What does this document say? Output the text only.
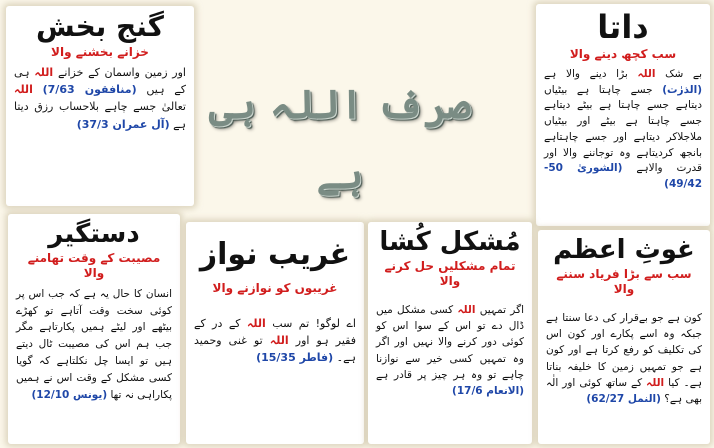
صرف اللہ ہی ہے
گنج بخش
خزانے بخشنے والا
اور زمین واسمان کے خزانے اللہ ہی کے ہیں (منافقون 7/63) اللہ تعالیٰ جسے چاہے بلاحساب رزق دیتا ہے (آل عمران 37/3)
داتا
سب کچھ دینے والا
بے شک اللہ بڑا دینے والا ہے (الذرٰت) جسے چاہتا ہے بیٹیاں دیتاہے جسے چاہتا ہے بیٹے دیتاہے جسے چاہتا ہے بیٹے اور بیٹیاں ملاجلاکر دیتاہے اور جسے چاہتاہے بانجھ کردیتاہے وہ توجاننے والا اور قدرت والاہے (الشوریٰ 50-49/42)
دستگیر
مصیبت کے وقت تھامنے والا
انسان کا حال یہ ہے کہ جب اس پر کوئی سخت وقت آتاہے تو کھڑے بیٹھے اور لیٹے ہمیں پکارتاہے مگر جب ہم اس کی مصیبت ٹال دیتے ہیں تو ایسا چل نکلتاہے کہ گویا کسی مشکل کے وقت اس نے ہمیں پکاراہی نہ تھا (یونس 12/10)
غریب نواز
غریبوں کو نوازنے والا
اے لوگو! تم سب اللہ کے در کے فقیر ہو اور اللہ تو غنی وحمید ہے۔ (فاطر 15/35)
مُشکل کُشا
تمام مشکلیں حل کرنے والا
اگر تمہیں اللہ کسی مشکل میں ڈال دے تو اس کے سوا اس کو کوئی دور کرنے والا نہیں اور اگر وہ تمہیں کسی خیر سے نوازنا چاہے تو وہ ہر چیز پر قادر ہے (الانعام 17/6)
غوثِ اعظم
سب سے بڑا فریاد سننے والا
کون ہے جو بےقرار کی دعا سنتا ہے جبکہ وہ اسے پکارے اور کون اس کی تکلیف کو رفع کرتا ہے اور کون ہے جو تمہیں زمین کا خلیفہ بناتا ہے۔ کیا اللہ کے ساتھ کوئی اور الٰہ بھی ہے؟ (النمل 62/27)
